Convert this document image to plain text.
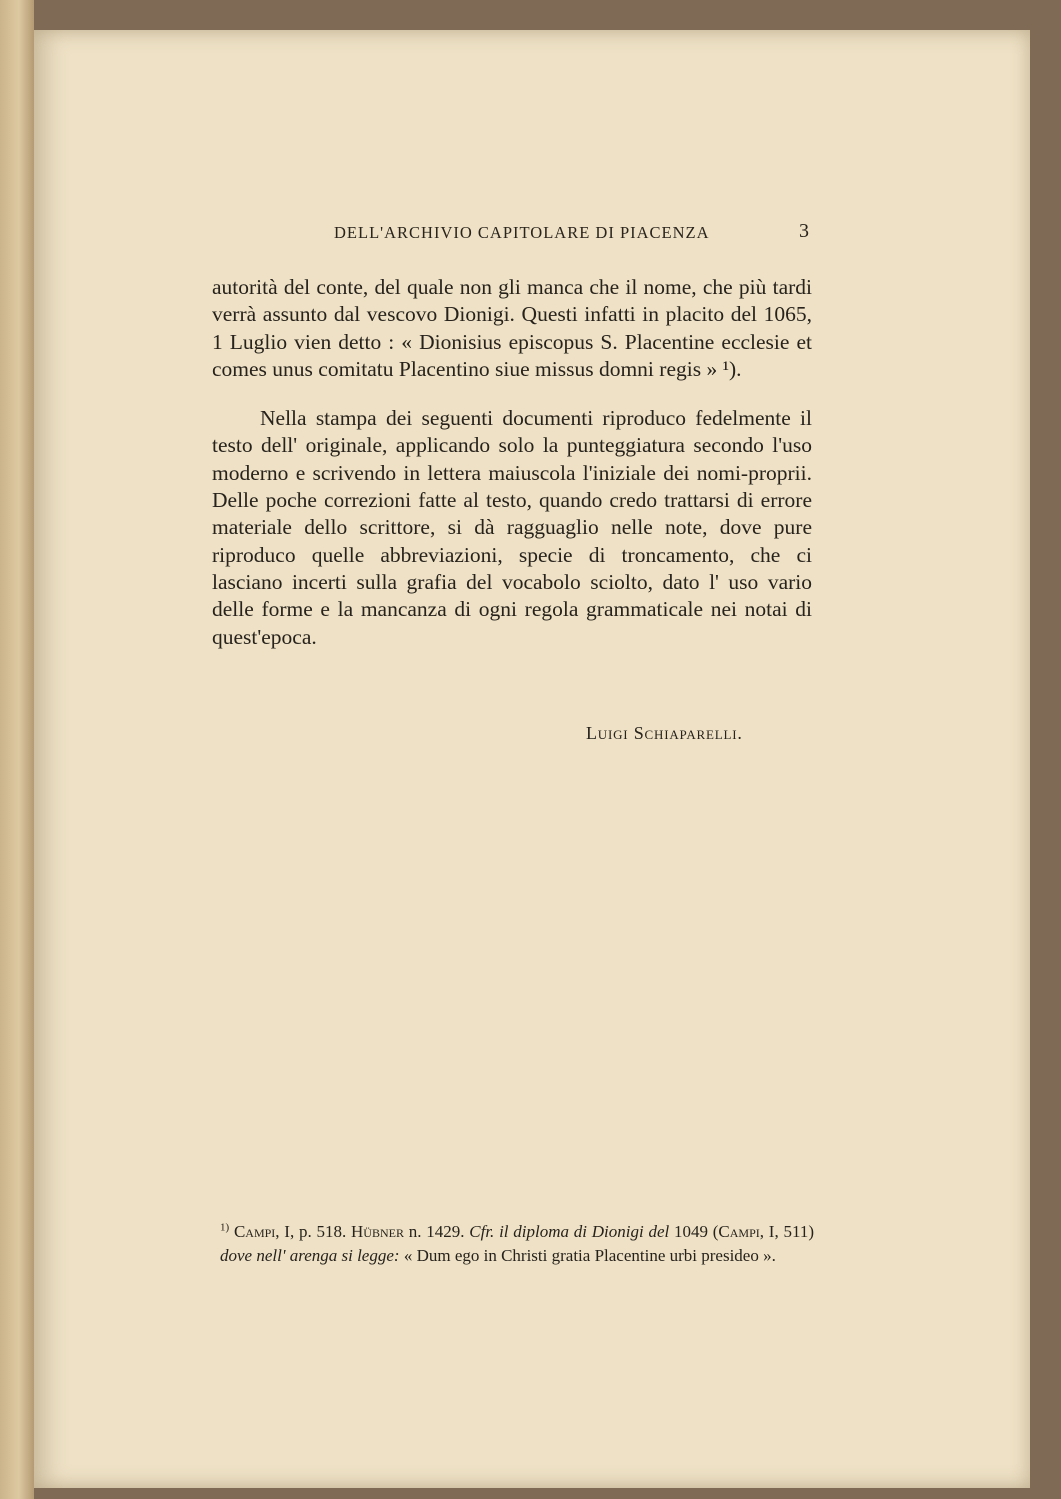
DELL'ARCHIVIO CAPITOLARE DI PIACENZA	3

autorità del conte, del quale non gli manca che il nome, che più tardi verrà assunto dal vescovo Dionigi. Questi infatti in placito del 1065, 1 Luglio vien detto : « Dionisius episcopus S. Placentine ecclesie et comes unus comitatu Placentino siue missus domni regis » ¹).

Nella stampa dei seguenti documenti riproduco fedelmente il testo dell' originale, applicando solo la punteggiatura secondo l'uso moderno e scrivendo in lettera maiuscola l'iniziale dei nomi-proprii. Delle poche correzioni fatte al testo, quando credo trattarsi di errore materiale dello scrittore, si dà ragguaglio nelle note, dove pure riproduco quelle abbreviazioni, specie di troncamento, che ci lasciano incerti sulla grafia del vocabolo sciolto, dato l' uso vario delle forme e la mancanza di ogni regola grammaticale nei notai di quest'epoca.

Luigi Schiaparelli.
$^{1)}$ Campi, I, p. 518. Hübner n. 1429. Cfr. il diploma di Dionigi del 1049 (Campi, I, 511) dove nell' arenga si legge: « Dum ego in Christi gratia Placentine urbi presideo ».
